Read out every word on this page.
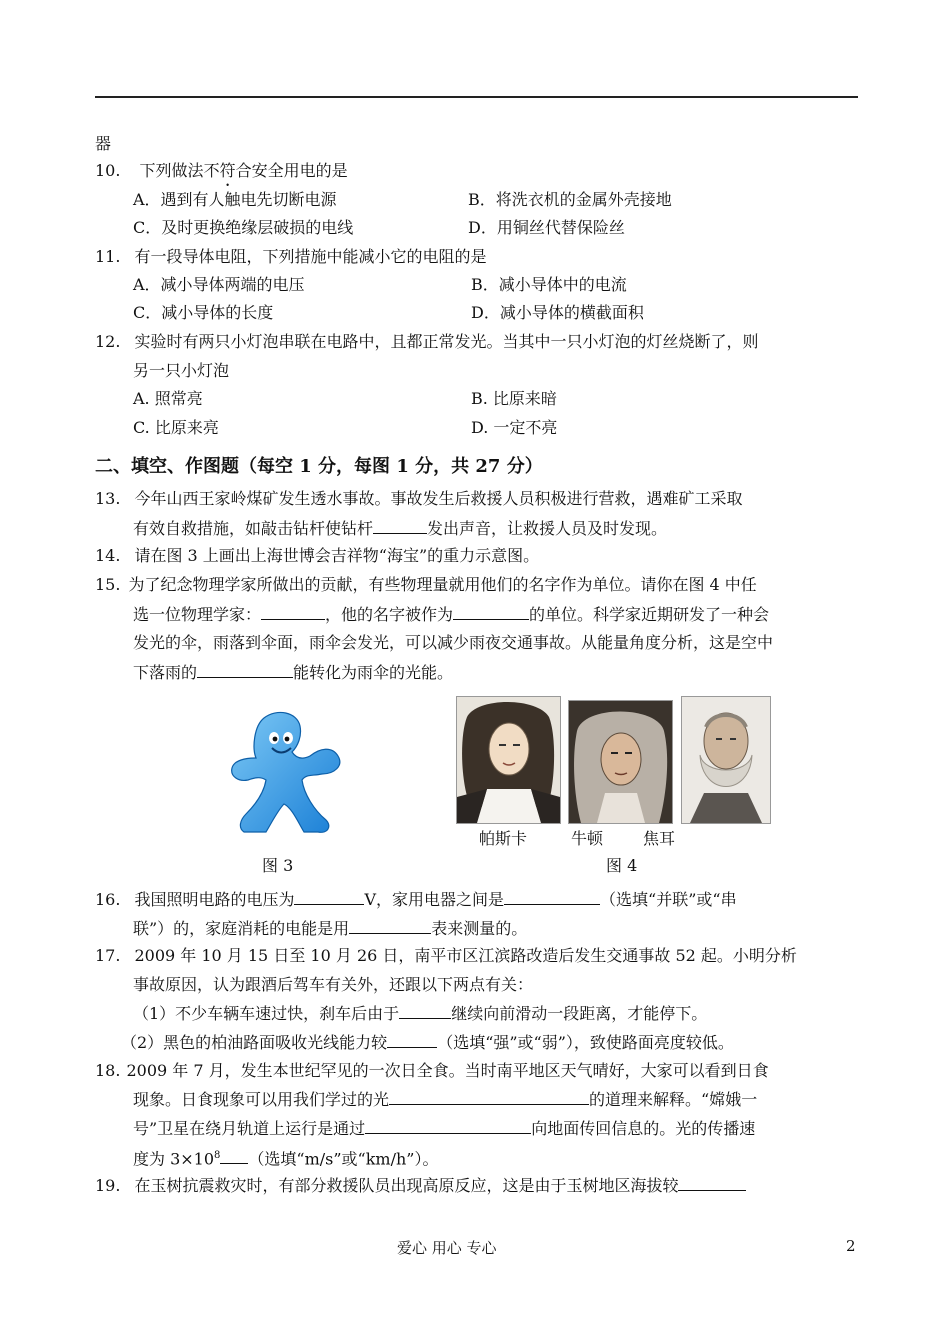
器
10. 下列做法不符合安全用电的是
A．遇到有人触电先切断电源	B．将洗衣机的金属外壳接地
C．及时更换绝缘层破损的电线	D．用铜丝代替保险丝
11. 有一段导体电阻，下列措施中能减小它的电阻的是
A．减小导体两端的电压	B．减小导体中的电流
C．减小导体的长度	D．减小导体的横截面积
12. 实验时有两只小灯泡串联在电路中，且都正常发光。当其中一只小灯泡的灯丝烧断了，则
另一只小灯泡
A. 照常亮	B. 比原来暗
C. 比原来亮	D. 一定不亮
二、填空、作图题（每空 1 分，每图 1 分，共 27 分）
13. 今年山西王家岭煤矿发生透水事故。事故发生后救援人员积极进行营救，遇难矿工采取
有效自救措施，如敲击钻杆使钻杆	发出声音，让救援人员及时发现。
14. 请在图 3 上画出上海世博会吉祥物“海宝”的重力示意图。
15. 为了纪念物理学家所做出的贡献，有些物理量就用他们的名字作为单位。请你在图 4 中任
选一位物理学家：	，他的名字被作为	的单位。科学家近期研发了一种会
发光的伞，雨落到伞面，雨伞会发光，可以减少雨夜交通事故。从能量角度分析，这是空中
下落雨的	能转化为雨伞的光能。
图 3
帕斯卡	牛顿 焦耳
图 4
16. 我国照明电路的电压为	V，家用电器之间是	（选填“并联”或“串
联”）的，家庭消耗的电能是用	表来测量的。
17. 2009 年 10 月 15 日至 10 月 26 日，南平市区江滨路改造后发生交通事故 52 起。小明分析
事故原因，认为跟酒后驾车有关外，还跟以下两点有关：
（1）不少车辆车速过快，刹车后由于	继续向前滑动一段距离，才能停下。
（2）黑色的柏油路面吸收光线能力较	（选填“强”或“弱”），致使路面亮度较低。
18. 2009 年 7 月，发生本世纪罕见的一次日全食。当时南平地区天气晴好，大家可以看到日食
现象。日食现象可以用我们学过的光	的道理来解释。“嫦娥一
号”卫星在绕月轨道上运行是通过	向地面传回信息的。光的传播速
度为 $3\times 10^8$ （选填“m/s”或“km/h”）。
19. 在玉树抗震救灾时，有部分救援队员出现高原反应，这是由于玉树地区海拔较
爱心 用心 专心	2
